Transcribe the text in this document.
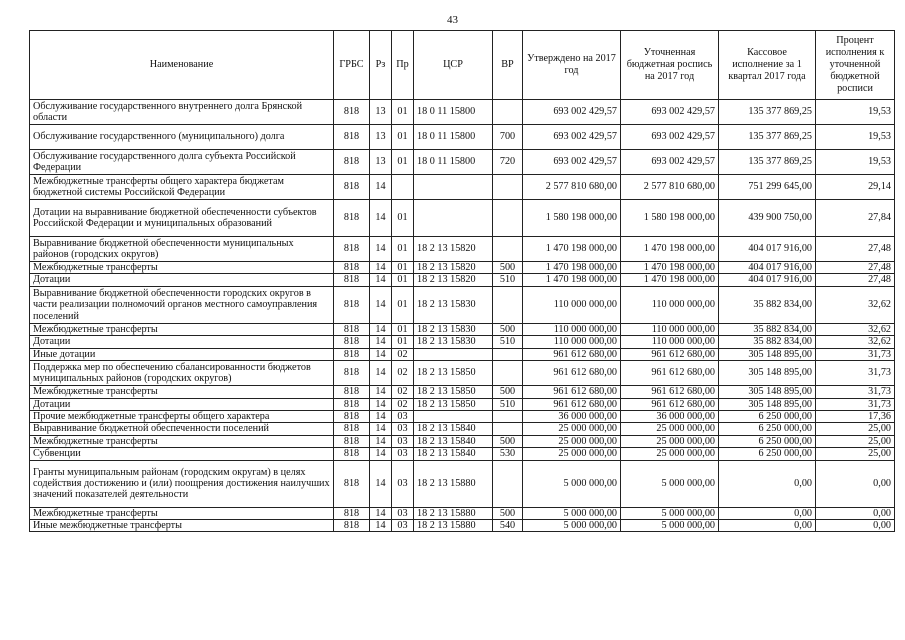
43
Наименование	ГРБС	Рз	Пр	ЦСР	ВР	Утверждено на 2017 год	Уточненная бюджетная роспись на 2017 год	Кассовое исполнение за 1 квартал 2017 года	Процент исполнения к уточненной бюджетной росписи
Обслуживание государственного внутреннего долга Брянской области	818	13	01	18 0 11 15800		693 002 429,57	693 002 429,57	135 377 869,25	19,53
Обслуживание государственного (муниципального) долга	818	13	01	18 0 11 15800	700	693 002 429,57	693 002 429,57	135 377 869,25	19,53
Обслуживание государственного долга субъекта Российской Федерации	818	13	01	18 0 11 15800	720	693 002 429,57	693 002 429,57	135 377 869,25	19,53
Межбюджетные трансферты общего характера бюджетам бюджетной системы Российской Федерации	818	14				2 577 810 680,00	2 577 810 680,00	751 299 645,00	29,14
Дотации на выравнивание бюджетной обеспеченности субъектов Российской Федерации и муниципальных образований	818	14	01			1 580 198 000,00	1 580 198 000,00	439 900 750,00	27,84
Выравнивание бюджетной обеспеченности муниципальных районов (городских округов)	818	14	01	18 2 13 15820		1 470 198 000,00	1 470 198 000,00	404 017 916,00	27,48
Межбюджетные трансферты	818	14	01	18 2 13 15820	500	1 470 198 000,00	1 470 198 000,00	404 017 916,00	27,48
Дотации	818	14	01	18 2 13 15820	510	1 470 198 000,00	1 470 198 000,00	404 017 916,00	27,48
Выравнивание бюджетной обеспеченности городских округов в части реализации полномочий органов местного самоуправления поселений	818	14	01	18 2 13 15830		110 000 000,00	110 000 000,00	35 882 834,00	32,62
Межбюджетные трансферты	818	14	01	18 2 13 15830	500	110 000 000,00	110 000 000,00	35 882 834,00	32,62
Дотации	818	14	01	18 2 13 15830	510	110 000 000,00	110 000 000,00	35 882 834,00	32,62
Иные дотации	818	14	02			961 612 680,00	961 612 680,00	305 148 895,00	31,73
Поддержка мер по обеспечению сбалансированности бюджетов муниципальных районов (городских округов)	818	14	02	18 2 13 15850		961 612 680,00	961 612 680,00	305 148 895,00	31,73
Межбюджетные трансферты	818	14	02	18 2 13 15850	500	961 612 680,00	961 612 680,00	305 148 895,00	31,73
Дотации	818	14	02	18 2 13 15850	510	961 612 680,00	961 612 680,00	305 148 895,00	31,73
Прочие межбюджетные трансферты общего характера	818	14	03			36 000 000,00	36 000 000,00	6 250 000,00	17,36
Выравнивание бюджетной обеспеченности поселений	818	14	03	18 2 13 15840		25 000 000,00	25 000 000,00	6 250 000,00	25,00
Межбюджетные трансферты	818	14	03	18 2 13 15840	500	25 000 000,00	25 000 000,00	6 250 000,00	25,00
Субвенции	818	14	03	18 2 13 15840	530	25 000 000,00	25 000 000,00	6 250 000,00	25,00
Гранты муниципальным районам (городским округам) в целях содействия достижению и (или) поощрения достижения наилучших значений показателей деятельности	818	14	03	18 2 13 15880		5 000 000,00	5 000 000,00	0,00	0,00
Межбюджетные трансферты	818	14	03	18 2 13 15880	500	5 000 000,00	5 000 000,00	0,00	0,00
Иные межбюджетные трансферты	818	14	03	18 2 13 15880	540	5 000 000,00	5 000 000,00	0,00	0,00
